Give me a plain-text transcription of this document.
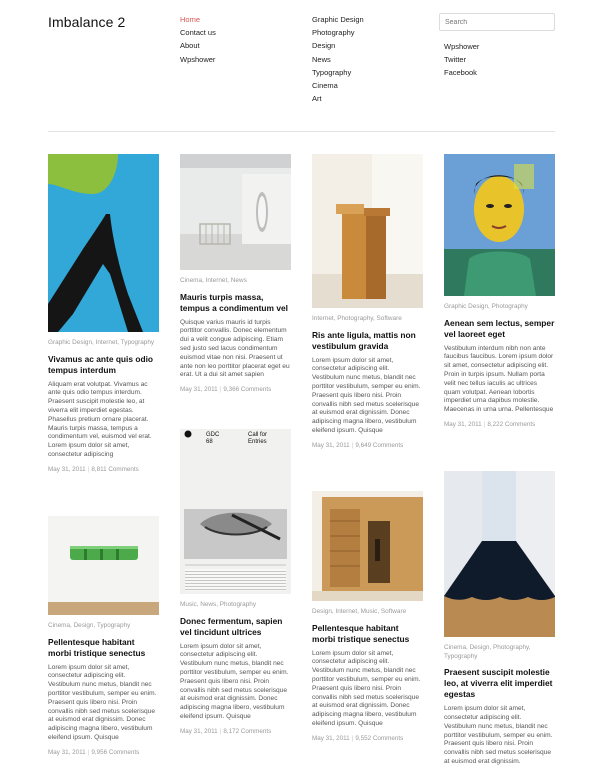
Imbalance 2	Home
Contact us
About
Wpshower
Graphic Design
Photography
Design
News
Typography
Cinema
Art
Search
Wpshower
Twitter
Facebook
Graphic Design, Internet, Typography
Vivamus ac ante quis odio tempus interdum
Aliquam erat volutpat. Vivamus ac ante quis odio tempus interdum. Praesent suscipit molestie leo, at viverra elit imperdiet egestas. Phasellus pretium ornare placerat. Mauris turpis massa, tempus a condimentum vel, euismod vel erat. Lorem ipsum dolor sit amet, consectetur adipiscing
May 31, 2011 | 8,811 Comments
Cinema, Internet, News
Mauris turpis massa, tempus a condimentum vel
Quisque varius mauris id turpis porttitor convallis. Donec elementum dui a velit congue adipiscing. Etiam sed justo sed lacus condimentum euismod vitae non nisi. Praesent ut ante non leo porttitor placerat eget eu erat. Ut a dui sit amet sapien
May 31, 2011 | 9,366 Comments
Internet, Photography, Software
Ris ante ligula, mattis non vestibulum gravida
Lorem ipsum dolor sit amet, consectetur adipiscing elit. Vestibulum nunc metus, blandit nec porttitor vestibulum, semper eu enim. Praesent quis libero nisi. Proin convallis nibh sed metus scelerisque at euismod erat dignissim. Donec adipiscing magna libero, vestibulum eleifend ipsum. Quisque
May 31, 2011 | 9,649 Comments
Graphic Design, Photography
Aenean sem lectus, semper vel laoreet eget
Vestibulum interdum nibh non ante faucibus faucibus. Lorem ipsum dolor sit amet, consectetur adipiscing elit. Proin in turpis ipsum. Nullam porta velit nec tellus iaculis ac ultrices quam volutpat. Aenean lobortis imperdiet urna dapibus molestie. Maecenas in urna urna. Pellentesque
May 31, 2011 | 8,222 Comments
Cinema, Design, Typography
Pellentesque habitant morbi tristique senectus
Lorem ipsum dolor sit amet, consectetur adipiscing elit. Vestibulum nunc metus, blandit nec porttitor vestibulum, semper eu enim. Praesent quis libero nisi. Proin convallis nibh sed metus scelerisque at euismod erat dignissim. Donec adipiscing magna libero, vestibulum eleifend ipsum. Quisque
May 31, 2011 | 9,956 Comments
GDC
68
Call for
Entries
Music, News, Photography
Donec fermentum, sapien vel tincidunt ultrices
Lorem ipsum dolor sit amet, consectetur adipiscing elit. Vestibulum nunc metus, blandit nec porttitor vestibulum, semper eu enim. Praesent quis libero nisi. Proin convallis nibh sed metus scelerisque at euismod erat dignissim. Donec adipiscing magna libero, vestibulum eleifend ipsum. Quisque
May 31, 2011 | 8,172 Comments
Design, Internet, Music, Software
Pellentesque habitant morbi tristique senectus
Lorem ipsum dolor sit amet, consectetur adipiscing elit. Vestibulum nunc metus, blandit nec porttitor vestibulum, semper eu enim. Praesent quis libero nisi. Proin convallis nibh sed metus scelerisque at euismod erat dignissim. Donec adipiscing magna libero, vestibulum eleifend ipsum. Quisque
May 31, 2011 | 9,552 Comments
Cinema, Design, Photography, Typography
Praesent suscipit molestie leo, at viverra elit imperdiet egestas
Lorem ipsum dolor sit amet, consectetur adipiscing elit. Vestibulum nunc metus, blandit nec porttitor vestibulum, semper eu enim. Praesent quis libero nisi. Proin convallis nibh sed metus scelerisque at euismod erat dignissim.
